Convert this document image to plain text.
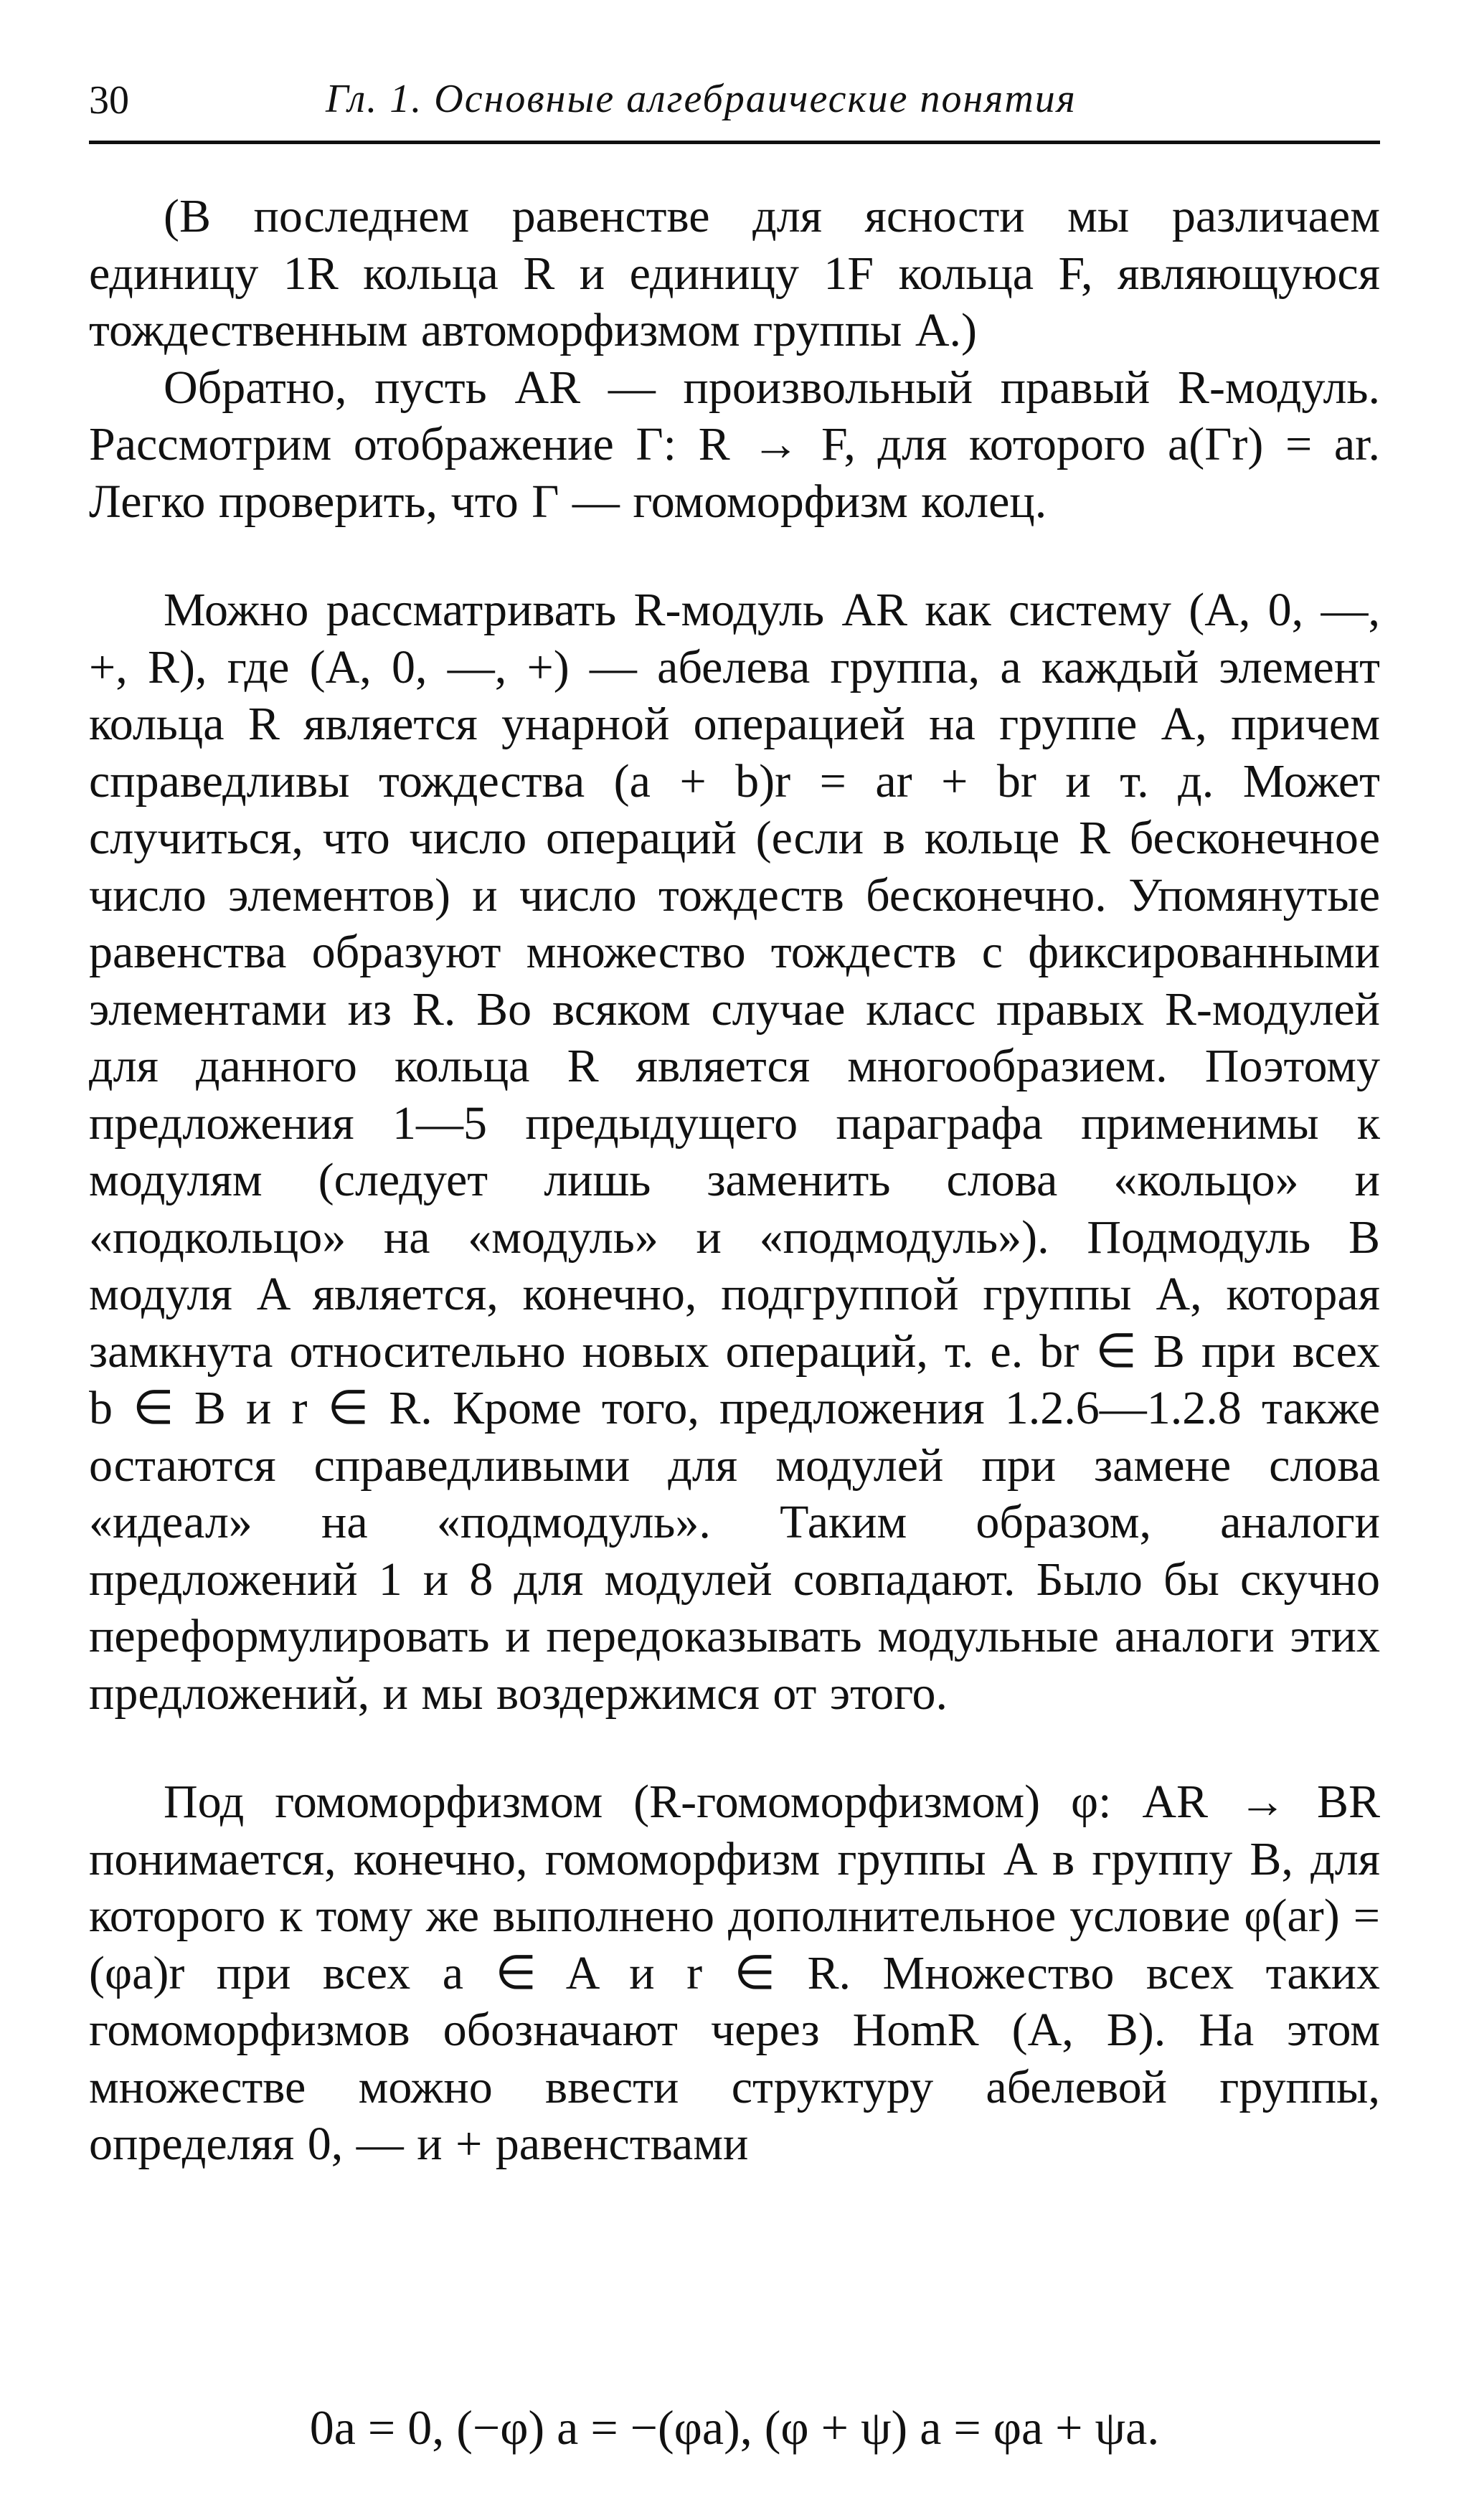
30	Гл. 1. Основные алгебраические понятия

(В последнем равенстве для ясности мы различаем единицу 1R кольца R и единицу 1F кольца F, являющуюся тождественным автоморфизмом группы A.)

Обратно, пусть AR — произвольный правый R-модуль. Рассмотрим отображение Γ: R → F, для которого a(Γr) = ar. Легко проверить, что Γ — гомоморфизм колец.

Можно рассматривать R-модуль AR как систему (A, 0, —, +, R), где (A, 0, —, +) — абелева группа, а каждый элемент кольца R является унарной операцией на группе A, причем справедливы тождества (a + b)r = ar + br и т. д. Может случиться, что число операций (если в кольце R бесконечное число элементов) и число тождеств бесконечно. Упомянутые равенства образуют множество тождеств с фиксированными элементами из R. Во всяком случае класс правых R-модулей для данного кольца R является многообразием. Поэтому предложения 1—5 предыдущего параграфа применимы к модулям (следует лишь заменить слова «кольцо» и «подкольцо» на «модуль» и «подмодуль»). Подмодуль B модуля A является, конечно, подгруппой группы A, которая замкнута относительно новых операций, т. е. br ∈ B при всех b ∈ B и r ∈ R. Кроме того, предложения 1.2.6—1.2.8 также остаются справедливыми для модулей при замене слова «идеал» на «подмодуль». Таким образом, аналоги предложений 1 и 8 для модулей совпадают. Было бы скучно переформулировать и передоказывать модульные аналоги этих предложений, и мы воздержимся от этого.

Под гомоморфизмом (R-гомоморфизмом) φ: AR → BR понимается, конечно, гомоморфизм группы A в группу B, для которого к тому же выполнено дополнительное условие φ(ar) = (φa)r при всех a ∈ A и r ∈ R. Множество всех таких гомоморфизмов обозначают через HomR (A, B). На этом множестве можно ввести структуру абелевой группы, определяя 0, — и + равенствами

0a = 0, (−φ) a = −(φa), (φ + ψ) a = φa + ψa.
